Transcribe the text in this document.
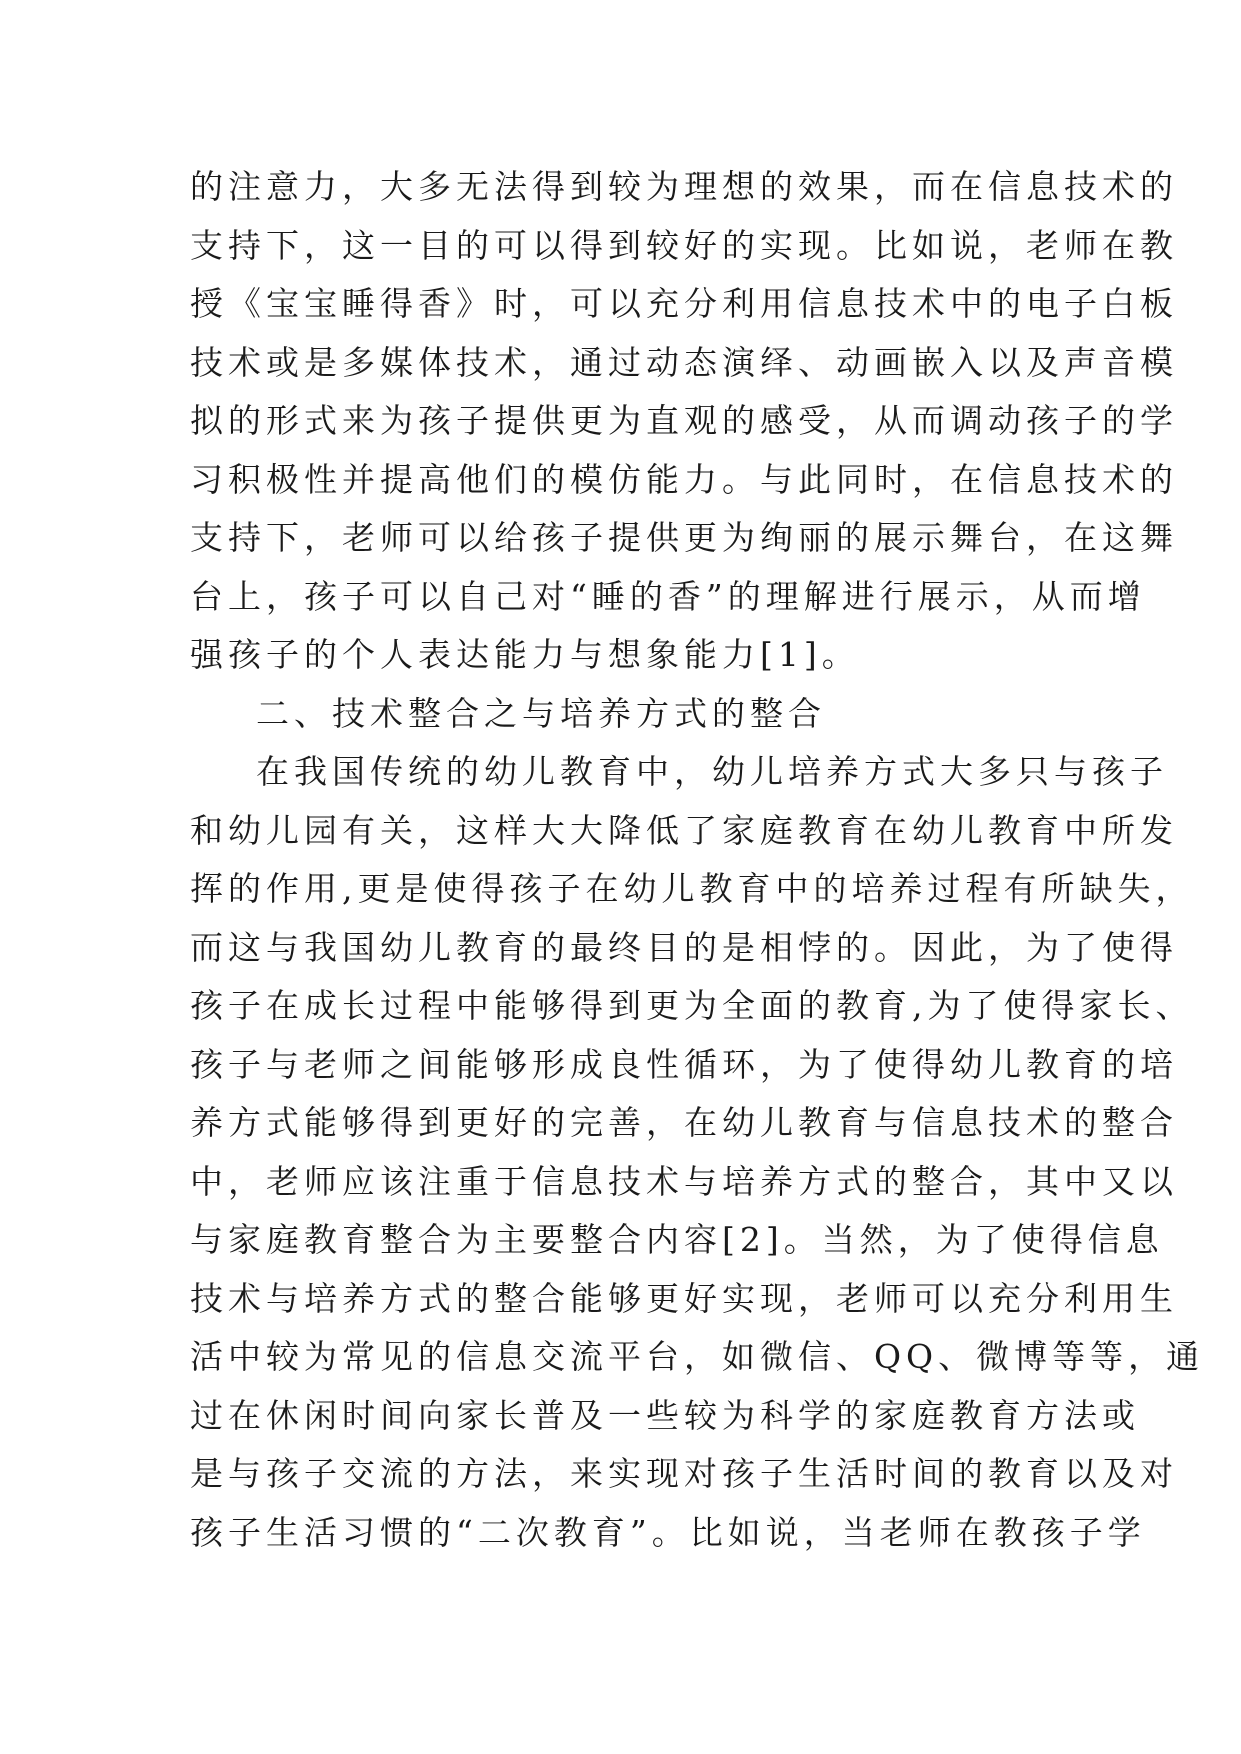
的注意力，大多无法得到较为理想的效果，而在信息技术的
支持下，这一目的可以得到较好的实现。比如说，老师在教
授《宝宝睡得香》时，可以充分利用信息技术中的电子白板
技术或是多媒体技术，通过动态演绎、动画嵌入以及声音模
拟的形式来为孩子提供更为直观的感受，从而调动孩子的学
习积极性并提高他们的模仿能力。与此同时，在信息技术的
支持下，老师可以给孩子提供更为绚丽的展示舞台，在这舞
台上，孩子可以自己对“睡的香”的理解进行展示，从而增
强孩子的个人表达能力与想象能力[1]。
二、技术整合之与培养方式的整合
在我国传统的幼儿教育中，幼儿培养方式大多只与孩子
和幼儿园有关，这样大大降低了家庭教育在幼儿教育中所发
挥的作用,更是使得孩子在幼儿教育中的培养过程有所缺失，
而这与我国幼儿教育的最终目的是相悖的。因此，为了使得
孩子在成长过程中能够得到更为全面的教育,为了使得家长、
孩子与老师之间能够形成良性循环，为了使得幼儿教育的培
养方式能够得到更好的完善，在幼儿教育与信息技术的整合
中，老师应该注重于信息技术与培养方式的整合，其中又以
与家庭教育整合为主要整合内容[2]。当然，为了使得信息
技术与培养方式的整合能够更好实现，老师可以充分利用生
活中较为常见的信息交流平台，如微信、QQ、微博等等，通
过在休闲时间向家长普及一些较为科学的家庭教育方法或
是与孩子交流的方法，来实现对孩子生活时间的教育以及对
孩子生活习惯的“二次教育”。比如说，当老师在教孩子学
